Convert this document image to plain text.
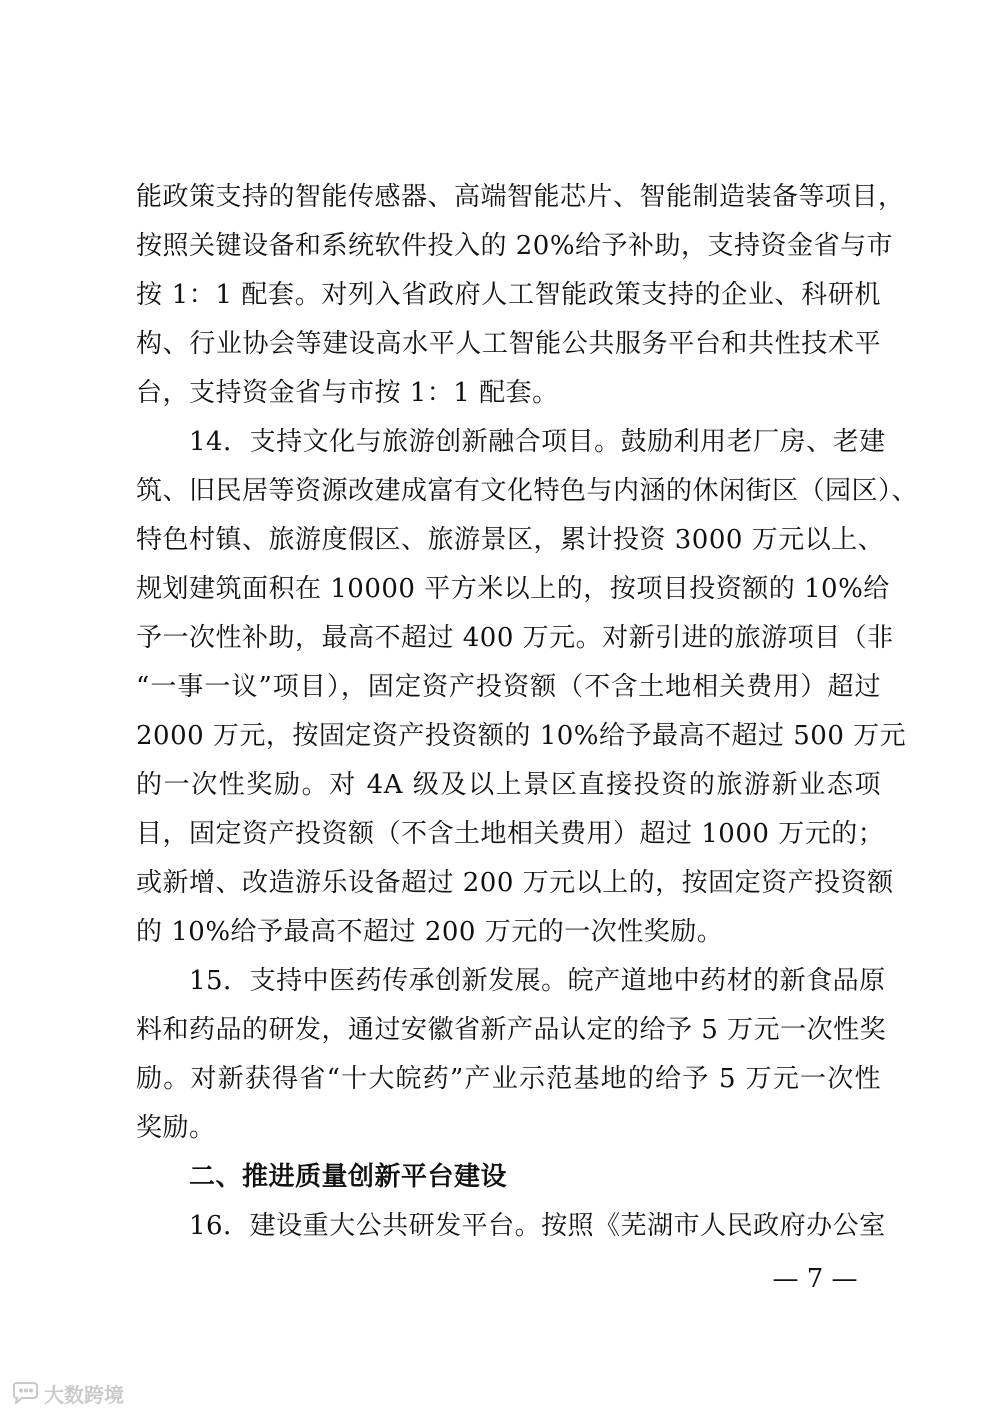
能政策支持的智能传感器、高端智能芯片、智能制造装备等项目，
按照关键设备和系统软件投入的 20%给予补助，支持资金省与市
按 1：1 配套。对列入省政府人工智能政策支持的企业、科研机
构、行业协会等建设高水平人工智能公共服务平台和共性技术平
台，支持资金省与市按 1：1 配套。
　　14．支持文化与旅游创新融合项目。鼓励利用老厂房、老建
筑、旧民居等资源改建成富有文化特色与内涵的休闲街区（园区）、
特色村镇、旅游度假区、旅游景区，累计投资 3000 万元以上、
规划建筑面积在 10000 平方米以上的，按项目投资额的 10%给
予一次性补助，最高不超过 400 万元。对新引进的旅游项目（非
“一事一议”项目），固定资产投资额（不含土地相关费用）超过
2000 万元，按固定资产投资额的 10%给予最高不超过 500 万元
的一次性奖励。对 4A 级及以上景区直接投资的旅游新业态项
目，固定资产投资额（不含土地相关费用）超过 1000 万元的；
或新增、改造游乐设备超过 200 万元以上的，按固定资产投资额
的 10%给予最高不超过 200 万元的一次性奖励。
　　15．支持中医药传承创新发展。皖产道地中药材的新食品原
料和药品的研发，通过安徽省新产品认定的给予 5 万元一次性奖
励。对新获得省“十大皖药”产业示范基地的给予 5 万元一次性
奖励。
　　二、推进质量创新平台建设
　　16．建设重大公共研发平台。按照《芜湖市人民政府办公室
— 7 —
大数跨境
